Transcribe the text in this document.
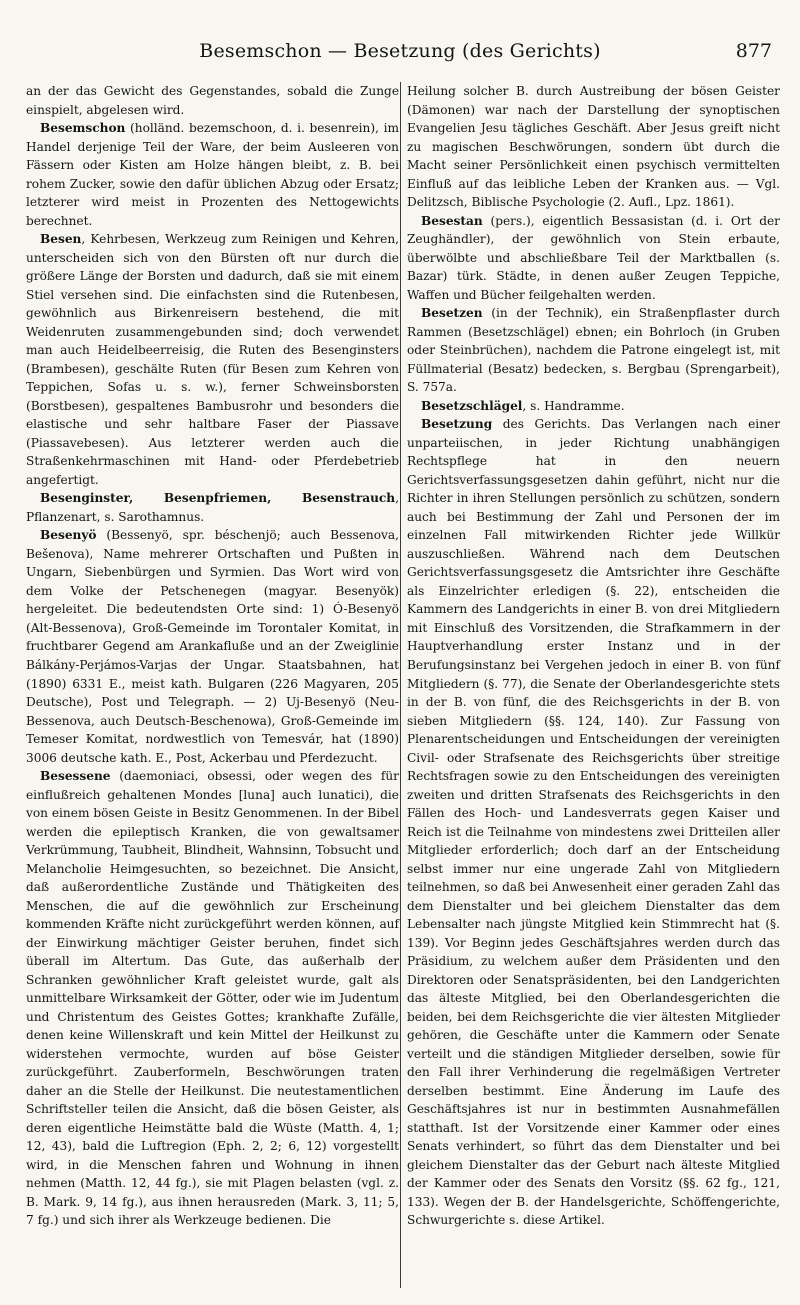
Besemschon — Besetzung (des Gerichts)	877

an der das Gewicht des Gegenstandes, sobald die Zunge einspielt, abgelesen wird.

Besemschon (holländ. bezemschoon, d. i. besenrein), im Handel derjenige Teil der Ware, der beim Ausleeren von Fässern oder Kisten am Holze hängen bleibt, z. B. bei rohem Zucker, sowie den dafür üblichen Abzug oder Ersatz; letzterer wird meist in Prozenten des Nettogewichts berechnet.

Besen, Kehrbesen, Werkzeug zum Reinigen und Kehren, unterscheiden sich von den Bürsten oft nur durch die größere Länge der Borsten und dadurch, daß sie mit einem Stiel versehen sind. Die einfachsten sind die Rutenbesen, gewöhnlich aus Birkenreisern bestehend, die mit Weidenruten zusammengebunden sind; doch verwendet man auch Heidelbeerreisig, die Ruten des Besenginsters (Brambesen), geschälte Ruten (für Besen zum Kehren von Teppichen, Sofas u. s. w.), ferner Schweinsborsten (Borstbesen), gespaltenes Bambusrohr und besonders die elastische und sehr haltbare Faser der Piassave (Piassavebesen). Aus letzterer werden auch die Straßenkehrmaschinen mit Hand- oder Pferdebetrieb angefertigt.

Besenginster, Besenpfriemen, Besenstrauch, Pflanzenart, s. Sarothamnus.

Besenyö (Bessenyö, spr. béschenjö; auch Bessenova, Bešenova), Name mehrerer Ortschaften und Pußten in Ungarn, Siebenbürgen und Syrmien. Das Wort wird von dem Volke der Petschenegen (magyar. Besenyök) hergeleitet. Die bedeutendsten Orte sind: 1) Ó-Besenyö (Alt-Bessenova), Groß-Gemeinde im Torontaler Komitat, in fruchtbarer Gegend am Arankafluße und an der Zweiglinie Bálkány-Perjámos-Varjas der Ungar. Staatsbahnen, hat (1890) 6331 E., meist kath. Bulgaren (226 Magyaren, 205 Deutsche), Post und Telegraph. — 2) Uj-Besenyö (Neu-Bessenova, auch Deutsch-Beschenowa), Groß-Gemeinde im Temeser Komitat, nordwestlich von Temesvár, hat (1890) 3006 deutsche kath. E., Post, Ackerbau und Pferdezucht.

Besessene (daemoniaci, obsessi, oder wegen des für einflußreich gehaltenen Mondes [luna] auch lunatici), die von einem bösen Geiste in Besitz Genommenen. In der Bibel werden die epileptisch Kranken, die von gewaltsamer Verkrümmung, Taubheit, Blindheit, Wahnsinn, Tobsucht und Melancholie Heimgesuchten, so bezeichnet. Die Ansicht, daß außerordentliche Zustände und Thätigkeiten des Menschen, die auf die gewöhnlich zur Erscheinung kommenden Kräfte nicht zurückgeführt werden können, auf der Einwirkung mächtiger Geister beruhen, findet sich überall im Altertum. Das Gute, das außerhalb der Schranken gewöhnlicher Kraft geleistet wurde, galt als unmittelbare Wirksamkeit der Götter, oder wie im Judentum und Christentum des Geistes Gottes; krankhafte Zufälle, denen keine Willenskraft und kein Mittel der Heilkunst zu widerstehen vermochte, wurden auf böse Geister zurückgeführt. Zauberformeln, Beschwörungen traten daher an die Stelle der Heilkunst. Die neutestamentlichen Schriftsteller teilen die Ansicht, daß die bösen Geister, als deren eigentliche Heimstätte bald die Wüste (Matth. 4, 1; 12, 43), bald die Luftregion (Eph. 2, 2; 6, 12) vorgestellt wird, in die Menschen fahren und Wohnung in ihnen nehmen (Matth. 12, 44 fg.), sie mit Plagen belasten (vgl. z. B. Mark. 9, 14 fg.), aus ihnen herausreden (Mark. 3, 11; 5, 7 fg.) und sich ihrer als Werkzeuge bedienen. Die

Heilung solcher B. durch Austreibung der bösen Geister (Dämonen) war nach der Darstellung der synoptischen Evangelien Jesu tägliches Geschäft. Aber Jesus greift nicht zu magischen Beschwörungen, sondern übt durch die Macht seiner Persönlichkeit einen psychisch vermittelten Einfluß auf das leibliche Leben der Kranken aus. — Vgl. Delitzsch, Biblische Psychologie (2. Aufl., Lpz. 1861).

Besestan (pers.), eigentlich Bessasistan (d. i. Ort der Zeughändler), der gewöhnlich von Stein erbaute, überwölbte und abschließbare Teil der Marktballen (s. Bazar) türk. Städte, in denen außer Zeugen Teppiche, Waffen und Bücher feilgehalten werden.

Besetzen (in der Technik), ein Straßenpflaster durch Rammen (Besetzschlägel) ebnen; ein Bohrloch (in Gruben oder Steinbrüchen), nachdem die Patrone eingelegt ist, mit Füllmaterial (Besatz) bedecken, s. Bergbau (Sprengarbeit), S. 757a.

Besetzschlägel, s. Handramme.

Besetzung des Gerichts. Das Verlangen nach einer unparteiischen, in jeder Richtung unabhängigen Rechtspflege hat in den neuern Gerichtsverfassungsgesetzen dahin geführt, nicht nur die Richter in ihren Stellungen persönlich zu schützen, sondern auch bei Bestimmung der Zahl und Personen der im einzelnen Fall mitwirkenden Richter jede Willkür auszuschließen. Während nach dem Deutschen Gerichtsverfassungsgesetz die Amtsrichter ihre Geschäfte als Einzelrichter erledigen (§. 22), entscheiden die Kammern des Landgerichts in einer B. von drei Mitgliedern mit Einschluß des Vorsitzenden, die Strafkammern in der Hauptverhandlung erster Instanz und in der Berufungsinstanz bei Vergehen jedoch in einer B. von fünf Mitgliedern (§. 77), die Senate der Oberlandesgerichte stets in der B. von fünf, die des Reichsgerichts in der B. von sieben Mitgliedern (§§. 124, 140). Zur Fassung von Plenarentscheidungen und Entscheidungen der vereinigten Civil- oder Strafsenate des Reichsgerichts über streitige Rechtsfragen sowie zu den Entscheidungen des vereinigten zweiten und dritten Strafsenats des Reichsgerichts in den Fällen des Hoch- und Landesverrats gegen Kaiser und Reich ist die Teilnahme von mindestens zwei Dritteilen aller Mitglieder erforderlich; doch darf an der Entscheidung selbst immer nur eine ungerade Zahl von Mitgliedern teilnehmen, so daß bei Anwesenheit einer geraden Zahl das dem Dienstalter und bei gleichem Dienstalter das dem Lebensalter nach jüngste Mitglied kein Stimmrecht hat (§. 139). Vor Beginn jedes Geschäftsjahres werden durch das Präsidium, zu welchem außer dem Präsidenten und den Direktoren oder Senatspräsidenten, bei den Landgerichten das älteste Mitglied, bei den Oberlandesgerichten die beiden, bei dem Reichsgerichte die vier ältesten Mitglieder gehören, die Geschäfte unter die Kammern oder Senate verteilt und die ständigen Mitglieder derselben, sowie für den Fall ihrer Verhinderung die regelmäßigen Vertreter derselben bestimmt. Eine Änderung im Laufe des Geschäftsjahres ist nur in bestimmten Ausnahmefällen statthaft. Ist der Vorsitzende einer Kammer oder eines Senats verhindert, so führt das dem Dienstalter und bei gleichem Dienstalter das der Geburt nach älteste Mitglied der Kammer oder des Senats den Vorsitz (§§. 62 fg., 121, 133). Wegen der B. der Handelsgerichte, Schöffengerichte, Schwurgerichte s. diese Artikel.
